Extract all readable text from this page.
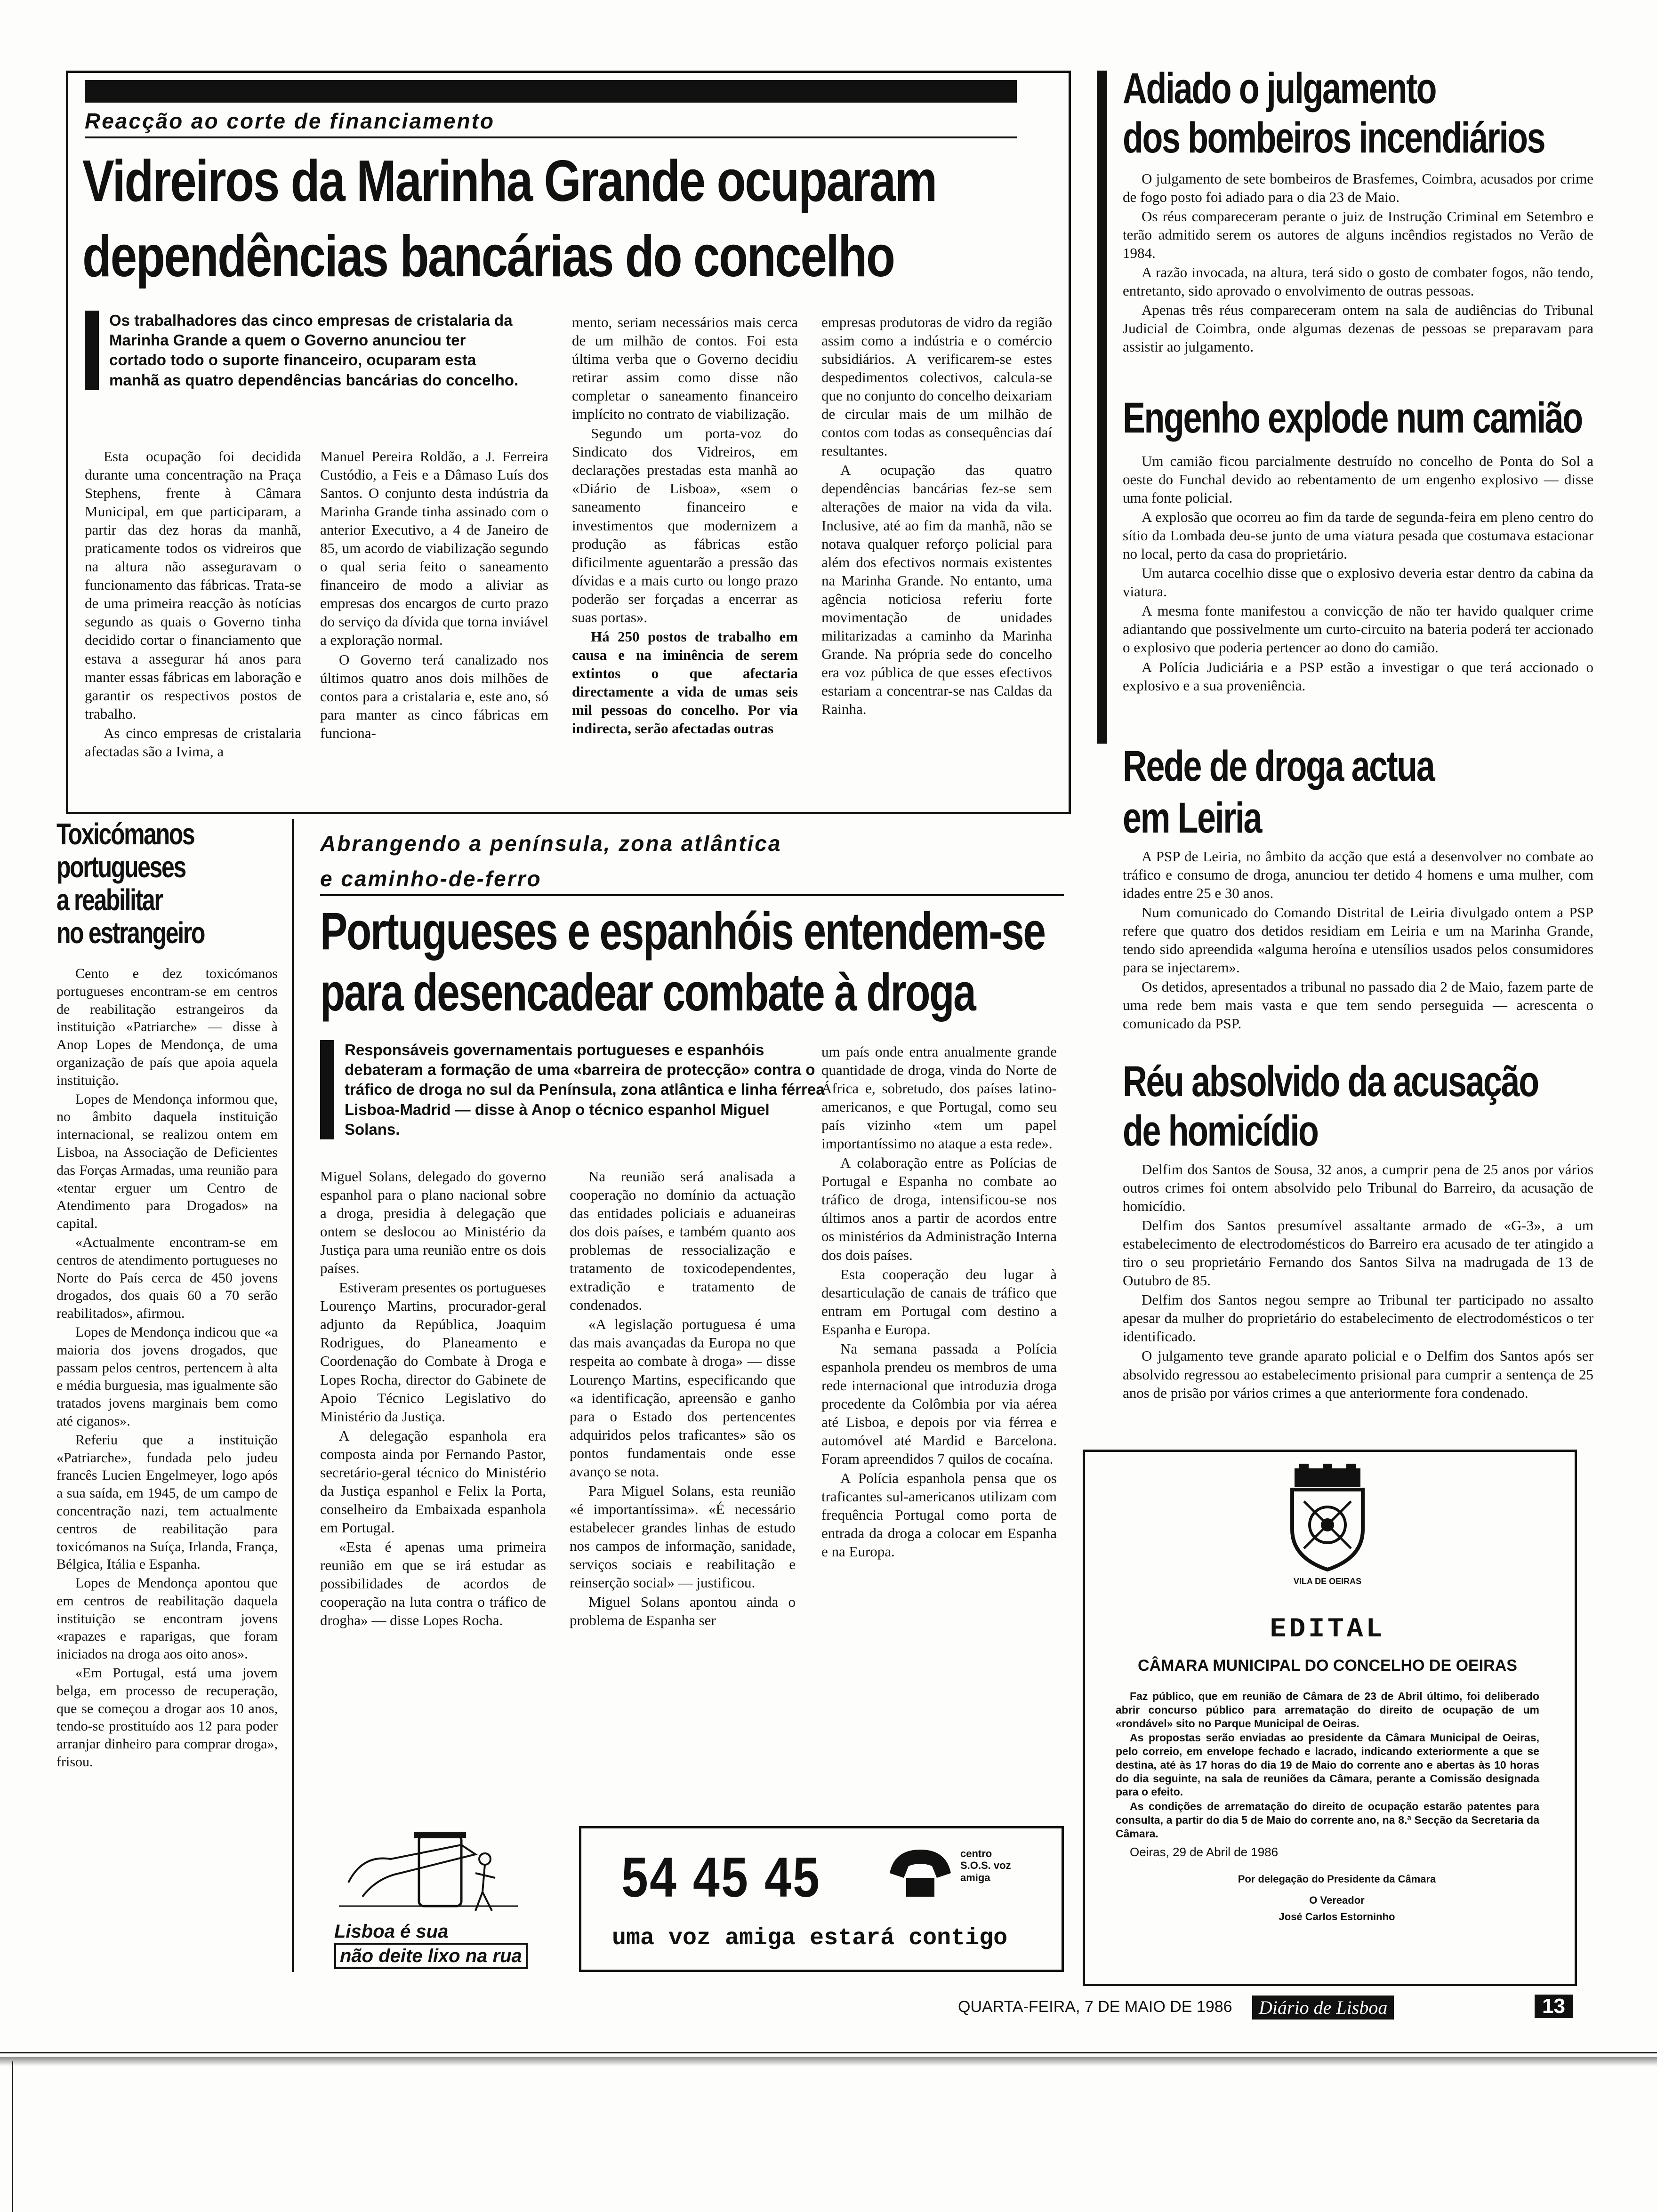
Reacção ao corte de financiamento
Vidreiros da Marinha Grande ocuparam
dependências bancárias do concelho
Os trabalhadores das cinco empresas de cristalaria da Marinha Grande a quem o Governo anunciou ter cortado todo o suporte financeiro, ocuparam esta manhã as quatro dependências bancárias do concelho.

Esta ocupação foi decidida durante uma concentração na Praça Stephens, frente à Câmara Municipal, em que participaram, a partir das dez horas da manhã, praticamente todos os vidreiros que na altura não asseguravam o funcionamento das fábricas. Trata-se de uma primeira reacção às notícias segundo as quais o Governo tinha decidido cortar o financiamento que estava a assegurar há anos para manter essas fábricas em laboração e garantir os respectivos postos de trabalho.

As cinco empresas de cristalaria afectadas são a Ivima, a

Manuel Pereira Roldão, a J. Ferreira Custódio, a Feis e a Dâmaso Luís dos Santos. O conjunto desta indústria da Marinha Grande tinha assinado com o anterior Executivo, a 4 de Janeiro de 85, um acordo de viabilização segundo o qual seria feito o saneamento financeiro de modo a aliviar as empresas dos encargos de curto prazo do serviço da dívida que torna inviável a exploração normal.

O Governo terá canalizado nos últimos quatro anos dois milhões de contos para a cristalaria e, este ano, só para manter as cinco fábricas em funciona-

mento, seriam necessários mais cerca de um milhão de contos. Foi esta última verba que o Governo decidiu retirar assim como disse não completar o saneamento financeiro implícito no contrato de viabilização.

Segundo um porta-voz do Sindicato dos Vidreiros, em declarações prestadas esta manhã ao «Diário de Lisboa», «sem o saneamento financeiro e investimentos que modernizem a produção as fábricas estão dificilmente aguentarão a pressão das dívidas e a mais curto ou longo prazo poderão ser forçadas a encerrar as suas portas».

Há 250 postos de trabalho em causa e na iminência de serem extintos o que afectaria directamente a vida de umas seis mil pessoas do concelho. Por via indirecta, serão afectadas outras

empresas produtoras de vidro da região assim como a indústria e o comércio subsidiários. A verificarem-se estes despedimentos colectivos, calcula-se que no conjunto do concelho deixariam de circular mais de um milhão de contos com todas as consequências daí resultantes.

A ocupação das quatro dependências bancárias fez-se sem alterações de maior na vida da vila. Inclusive, até ao fim da manhã, não se notava qualquer reforço policial para além dos efectivos normais existentes na Marinha Grande. No entanto, uma agência noticiosa referiu forte movimentação de unidades militarizadas a caminho da Marinha Grande. Na própria sede do concelho era voz pública de que esses efectivos estariam a concentrar-se nas Caldas da Rainha.

Adiado o julgamento
dos bombeiros incendiários

O julgamento de sete bombeiros de Brasfemes, Coimbra, acusados por crime de fogo posto foi adiado para o dia 23 de Maio.

Os réus compareceram perante o juiz de Instrução Criminal em Setembro e terão admitido serem os autores de alguns incêndios registados no Verão de 1984.

A razão invocada, na altura, terá sido o gosto de combater fogos, não tendo, entretanto, sido aprovado o envolvimento de outras pessoas.

Apenas três réus compareceram ontem na sala de audiências do Tribunal Judicial de Coimbra, onde algumas dezenas de pessoas se preparavam para assistir ao julgamento.

Engenho explode num camião

Um camião ficou parcialmente destruído no concelho de Ponta do Sol a oeste do Funchal devido ao rebentamento de um engenho explosivo — disse uma fonte policial.

A explosão que ocorreu ao fim da tarde de segunda-feira em pleno centro do sítio da Lombada deu-se junto de uma viatura pesada que costumava estacionar no local, perto da casa do proprietário.

Um autarca cocelhio disse que o explosivo deveria estar dentro da cabina da viatura.

A mesma fonte manifestou a convicção de não ter havido qualquer crime adiantando que possivelmente um curto-circuito na bateria poderá ter accionado o explosivo que poderia pertencer ao dono do camião.

A Polícia Judiciária e a PSP estão a investigar o que terá accionado o explosivo e a sua proveniência.

Rede de droga actua
em Leiria

A PSP de Leiria, no âmbito da acção que está a desenvolver no combate ao tráfico e consumo de droga, anunciou ter detido 4 homens e uma mulher, com idades entre 25 e 30 anos.

Num comunicado do Comando Distrital de Leiria divulgado ontem a PSP refere que quatro dos detidos residiam em Leiria e um na Marinha Grande, tendo sido apreendida «alguma heroína e utensílios usados pelos consumidores para se injectarem».

Os detidos, apresentados a tribunal no passado dia 2 de Maio, fazem parte de uma rede bem mais vasta e que tem sendo perseguida — acrescenta o comunicado da PSP.

Réu absolvido da acusação
de homicídio

Delfim dos Santos de Sousa, 32 anos, a cumprir pena de 25 anos por vários outros crimes foi ontem absolvido pelo Tribunal do Barreiro, da acusação de homicídio.

Delfim dos Santos presumível assaltante armado de «G-3», a um estabelecimento de electrodomésticos do Barreiro era acusado de ter atingido a tiro o seu proprietário Fernando dos Santos Silva na madrugada de 13 de Outubro de 85.

Delfim dos Santos negou sempre ao Tribunal ter participado no assalto apesar da mulher do proprietário do estabelecimento de electrodomésticos o ter identificado.

O julgamento teve grande aparato policial e o Delfim dos Santos após ser absolvido regressou ao estabelecimento prisional para cumprir a sentença de 25 anos de prisão por vários crimes a que anteriormente fora condenado.

VILA DE OEIRAS
EDITAL
CÂMARA MUNICIPAL DO CONCELHO DE OEIRAS

Faz público, que em reunião de Câmara de 23 de Abril último, foi deliberado abrir concurso público para arrematação do direito de ocupação de um «rondável» sito no Parque Municipal de Oeiras.

As propostas serão enviadas ao presidente da Câmara Municipal de Oeiras, pelo correio, em envelope fechado e lacrado, indicando exteriormente a que se destina, até às 17 horas do dia 19 de Maio do corrente ano e abertas às 10 horas do dia seguinte, na sala de reuniões da Câmara, perante a Comissão designada para o efeito.

As condições de arrematação do direito de ocupação estarão patentes para consulta, a partir do dia 5 de Maio do corrente ano, na 8.ª Secção da Secretaria da Câmara.

Oeiras, 29 de Abril de 1986
Por delegação do Presidente da Câmara
O Vereador
José Carlos Estorninho
Toxicómanos
portugueses
a reabilitar
no estrangeiro

Cento e dez toxicómanos portugueses encontram-se em centros de reabilitação estrangeiros da instituição «Patriarche» — disse à Anop Lopes de Mendonça, de uma organização de país que apoia aquela instituição.

Lopes de Mendonça informou que, no âmbito daquela instituição internacional, se realizou ontem em Lisboa, na Associação de Deficientes das Forças Armadas, uma reunião para «tentar erguer um Centro de Atendimento para Drogados» na capital.

«Actualmente encontram-se em centros de atendimento portugueses no Norte do País cerca de 450 jovens drogados, dos quais 60 a 70 serão reabilitados», afirmou.

Lopes de Mendonça indicou que «a maioria dos jovens drogados, que passam pelos centros, pertencem à alta e média burguesia, mas igualmente são tratados jovens marginais bem como até ciganos».

Referiu que a instituição «Patriarche», fundada pelo judeu francês Lucien Engelmeyer, logo após a sua saída, em 1945, de um campo de concentração nazi, tem actualmente centros de reabilitação para toxicómanos na Suíça, Irlanda, França, Bélgica, Itália e Espanha.

Lopes de Mendonça apontou que em centros de reabilitação daquela instituição se encontram jovens «rapazes e raparigas, que foram iniciados na droga aos oito anos».

«Em Portugal, está uma jovem belga, em processo de recuperação, que se começou a drogar aos 10 anos, tendo-se prostituído aos 12 para poder arranjar dinheiro para comprar droga», frisou.

Abrangendo a península, zona atlântica
e caminho-de-ferro
Portugueses e espanhóis entendem-se
para desencadear combate à droga
Responsáveis governamentais portugueses e espanhóis debateram a formação de uma «barreira de protecção» contra o tráfico de droga no sul da Península, zona atlântica e linha férrea Lisboa-Madrid — disse à Anop o técnico espanhol Miguel Solans.

Miguel Solans, delegado do governo espanhol para o plano nacional sobre a droga, presidia à delegação que ontem se deslocou ao Ministério da Justiça para uma reunião entre os dois países.

Estiveram presentes os portugueses Lourenço Martins, procurador-geral adjunto da República, Joaquim Rodrigues, do Planeamento e Coordenação do Combate à Droga e Lopes Rocha, director do Gabinete de Apoio Técnico Legislativo do Ministério da Justiça.

A delegação espanhola era composta ainda por Fernando Pastor, secretário-geral técnico do Ministério da Justiça espanhol e Felix la Porta, conselheiro da Embaixada espanhola em Portugal.

«Esta é apenas uma primeira reunião em que se irá estudar as possibilidades de acordos de cooperação na luta contra o tráfico de drogha» — disse Lopes Rocha.

Na reunião será analisada a cooperação no domínio da actuação das entidades policiais e aduaneiras dos dois países, e também quanto aos problemas de ressocialização e tratamento de toxicodependentes, extradição e tratamento de condenados.

«A legislação portuguesa é uma das mais avançadas da Europa no que respeita ao combate à droga» — disse Lourenço Martins, especificando que «a identificação, apreensão e ganho para o Estado dos pertencentes adquiridos pelos traficantes» são os pontos fundamentais onde esse avanço se nota.

Para Miguel Solans, esta reunião «é importantíssima». «É necessário estabelecer grandes linhas de estudo nos campos de informação, sanidade, serviços sociais e reabilitação e reinserção social» — justificou.

Miguel Solans apontou ainda o problema de Espanha ser

um país onde entra anualmente grande quantidade de droga, vinda do Norte de África e, sobretudo, dos países latino-americanos, e que Portugal, como seu país vizinho «tem um papel importantíssimo no ataque a esta rede».

A colaboração entre as Polícias de Portugal e Espanha no combate ao tráfico de droga, intensificou-se nos últimos anos a partir de acordos entre os ministérios da Administração Interna dos dois países.

Esta cooperação deu lugar à desarticulação de canais de tráfico que entram em Portugal com destino a Espanha e Europa.

Na semana passada a Polícia espanhola prendeu os membros de uma rede internacional que introduzia droga procedente da Colômbia por via aérea até Lisboa, e depois por via férrea e automóvel até Mardid e Barcelona. Foram apreendidos 7 quilos de cocaína.

A Polícia espanhola pensa que os traficantes sul-americanos utilizam com frequência Portugal como porta de entrada da droga a colocar em Espanha e na Europa.

Lisboa é sua
não deite lixo na rua
54 45 45	centro S.O.S. voz amiga
uma voz amiga estará contigo
QUARTA-FEIRA, 7 DE MAIO DE 1986	Diário de Lisboa	13
